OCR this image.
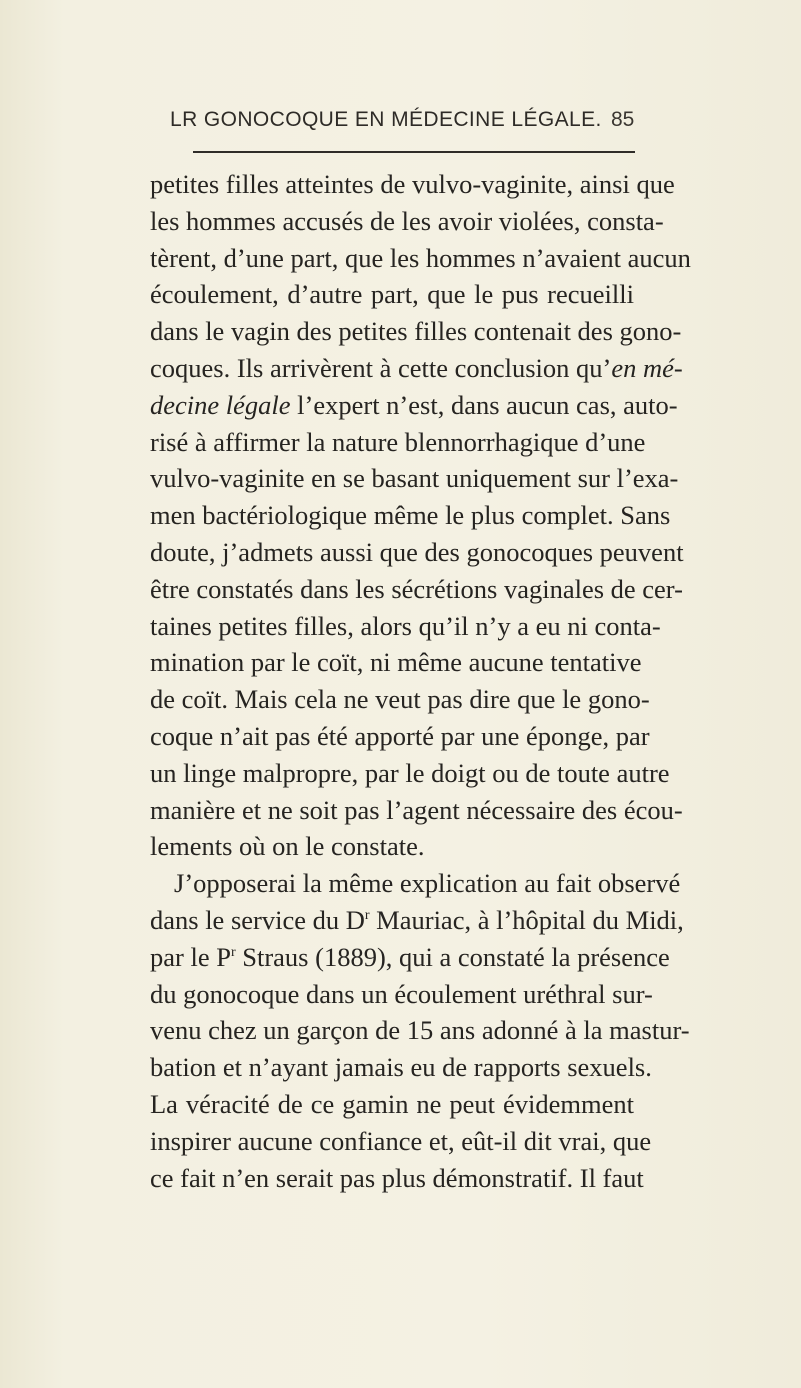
LR GONOCOQUE EN MÉDECINE LÉGALE. 85
petites filles atteintes de vulvo-vaginite, ainsi que
les hommes accusés de les avoir violées, consta-
tèrent, d’une part, que les hommes n’avaient aucun
écoulement, d’autre part, que le pus recueilli
dans le vagin des petites filles contenait des gono-
coques. Ils arrivèrent à cette conclusion qu’en mé-
decine légale l’expert n’est, dans aucun cas, auto-
risé à affirmer la nature blennorrhagique d’une
vulvo-vaginite en se basant uniquement sur l’exa-
men bactériologique même le plus complet. Sans
doute, j’admets aussi que des gonocoques peuvent
être constatés dans les sécrétions vaginales de cer-
taines petites filles, alors qu’il n’y a eu ni conta-
mination par le coït, ni même aucune tentative
de coït. Mais cela ne veut pas dire que le gono-
coque n’ait pas été apporté par une éponge, par
un linge malpropre, par le doigt ou de toute autre
manière et ne soit pas l’agent nécessaire des écou-
lements où on le constate.
J’opposerai la même explication au fait observé
dans le service du $D^r$ Mauriac, à l’hôpital du Midi,
par le $P^r$ Straus (1889), qui a constaté la présence
du gonocoque dans un écoulement uréthral sur-
venu chez un garçon de 15 ans adonné à la mastur-
bation et n’ayant jamais eu de rapports sexuels.
La véracité de ce gamin ne peut évidemment
inspirer aucune confiance et, eût-il dit vrai, que
ce fait n’en serait pas plus démonstratif. Il faut
